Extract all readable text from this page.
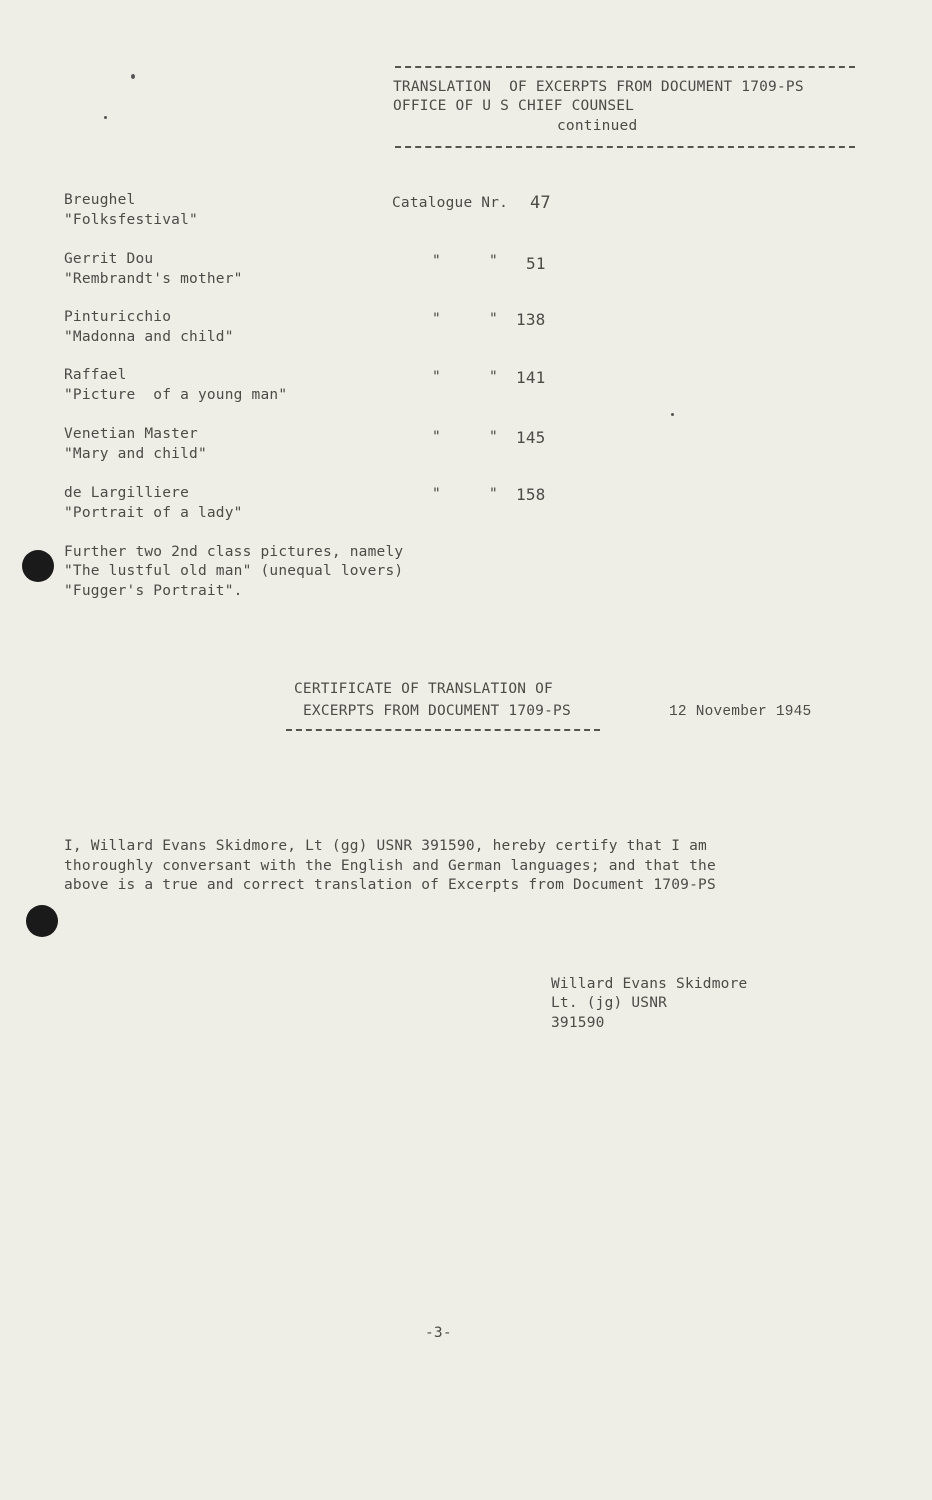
TRANSLATION  OF EXCERPTS FROM DOCUMENT 1709-PS
OFFICE OF U S CHIEF COUNSEL
continued
Breughel
"Folksfestival"
Catalogue Nr. 47
Gerrit Dou
"Rembrandt's mother"
"	" 51
Pinturicchio
"Madonna and child"
"	" 138
Raffael
"Picture  of a young man"
"	" 141
Venetian Master
"Mary and child"
"	" 145
de Largilliere
"Portrait of a lady"
"	" 158
Further two 2nd class pictures, namely
"The lustful old man" (unequal lovers)
"Fugger's Portrait".
CERTIFICATE OF TRANSLATION OF
EXCERPTS FROM DOCUMENT 1709-PS	12 November 1945
I, Willard Evans Skidmore, Lt (gg) USNR 391590, hereby certify that I am
thoroughly conversant with the English and German languages; and that the
above is a true and correct translation of Excerpts from Document 1709-PS
Willard Evans Skidmore
Lt. (jg) USNR
391590
-3-
